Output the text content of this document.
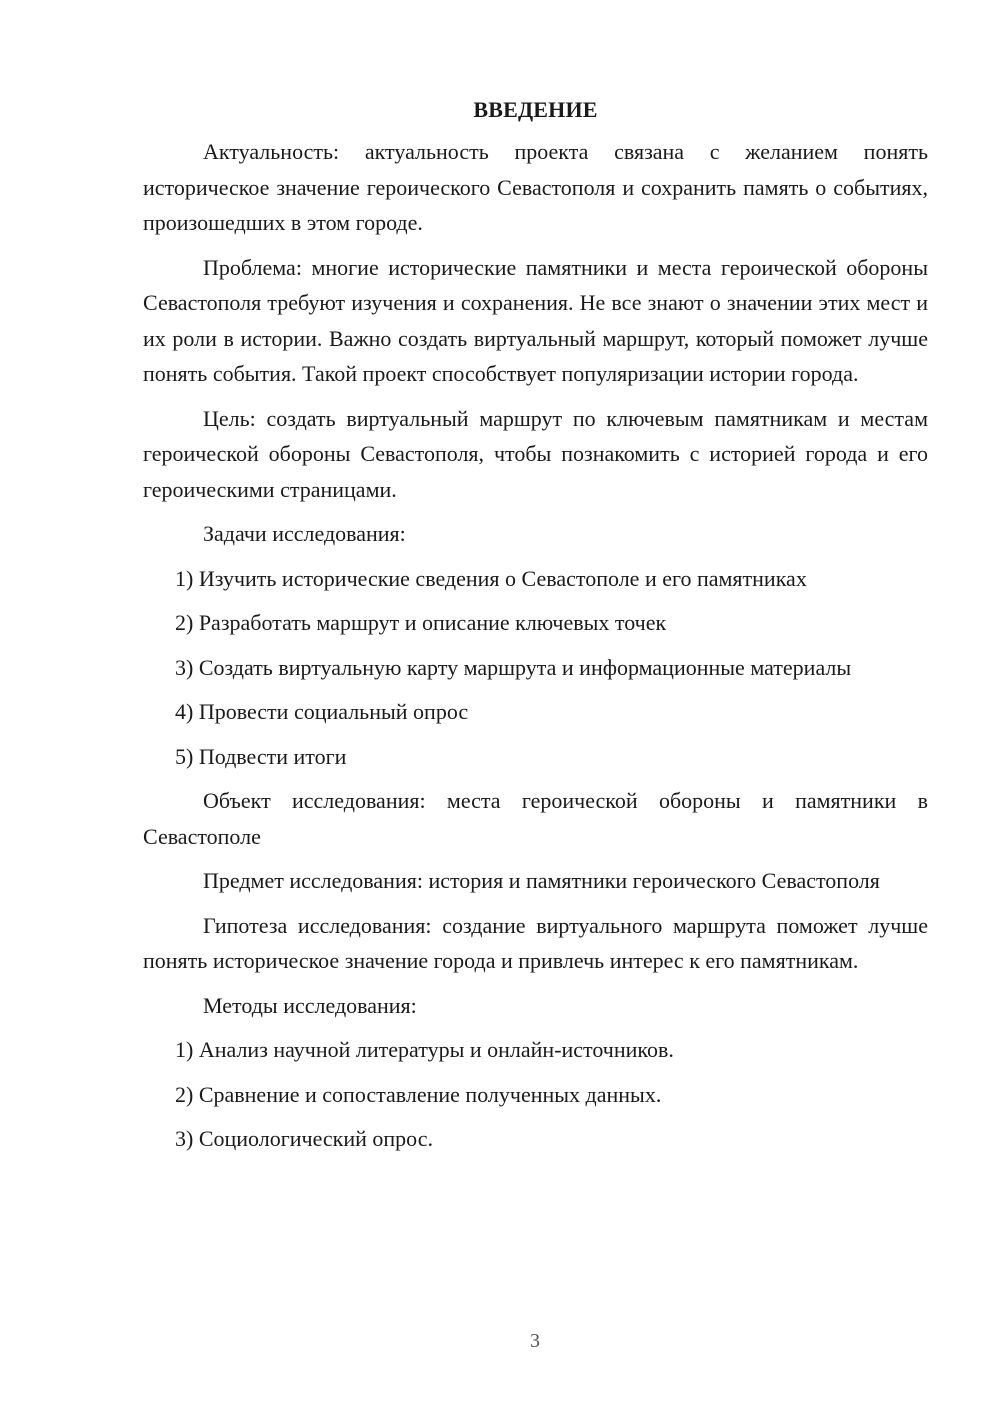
ВВЕДЕНИЕ

Актуальность: актуальность проекта связана с желанием понять историческое значение героического Севастополя и сохранить память о событиях, произошедших в этом городе.

Проблема: многие исторические памятники и места героической обороны Севастополя требуют изучения и сохранения. Не все знают о значении этих мест и их роли в истории. Важно создать виртуальный маршрут, который поможет лучше понять события. Такой проект способствует популяризации истории города.

Цель: создать виртуальный маршрут по ключевым памятникам и местам героической обороны Севастополя, чтобы познакомить с историей города и его героическими страницами.

Задачи исследования:

1) Изучить исторические сведения о Севастополе и его памятниках

2) Разработать маршрут и описание ключевых точек

3) Создать виртуальную карту маршрута и информационные материалы

4) Провести социальный опрос

5) Подвести итоги

Объект исследования: места героической обороны и памятники в Севастополе

Предмет исследования: история и памятники героического Севастополя

Гипотеза исследования: создание виртуального маршрута поможет лучше понять историческое значение города и привлечь интерес к его памятникам.

Методы исследования:

1) Анализ научной литературы и онлайн-источников.

2) Сравнение и сопоставление полученных данных.

3) Социологический опрос.

3
